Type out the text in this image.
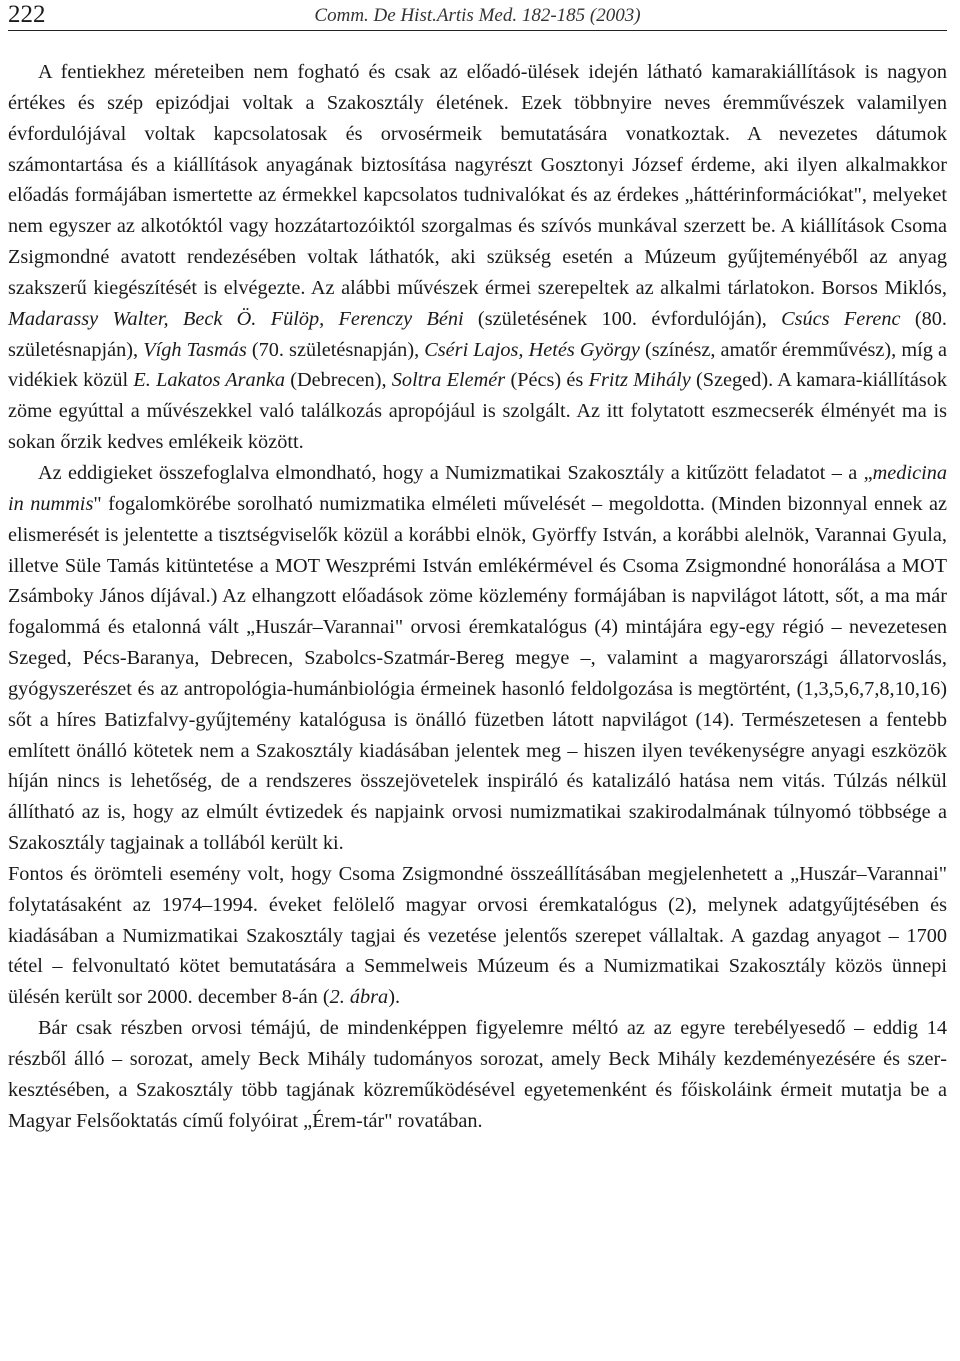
222	Comm. De Hist.Artis Med. 182-185 (2003)

A fentiekhez méreteiben nem fogható és csak az előadó-ülések idején látható kamarakiállítások is nagyon értékes és szép epizódjai voltak a Szakosztály életének. Ezek többnyire neves éremművészek valamilyen évfordulójával voltak kapcsolatosak és orvosérmeik bemutatására vonatkoztak. A nevezetes dátumok számontartása és a kiállítások anyagának biztosítása nagyrészt Gosztonyi József érdeme, aki ilyen alkalmakkor előadás formájában ismertette az érmekkel kapcsolatos tudnivalókat és az érdekes „háttérinformációkat", melyeket nem egyszer az alkotóktól vagy hozzátartozóiktól szorgalmas és szívós munkával szerzett be. A kiállítások Csoma Zsigmondné avatott rendezésében voltak láthatók, aki szükség esetén a Múzeum gyűjteményéből az anyag szakszerű kiegészítését is elvégezte. Az alábbi művészek érmei szerepeltek az alkalmi tárlatokon. Borsos Miklós, Madarassy Walter, Beck Ö. Fülöp, Ferenczy Béni (születésének 100. évfordulóján), Csúcs Ferenc (80. születésnapján), Vígh Tasmás (70. születésnapján), Cséri Lajos, Hetés György (színész, amatőr éremművész), míg a vidékiek közül E. Lakatos Aranka (Debrecen), Soltra Elemér (Pécs) és Fritz Mihály (Szeged). A kamara-kiállítások zöme egyúttal a művészekkel való találkozás apropójául is szolgált. Az itt folytatott eszmecserék élményét ma is sokan őrzik kedves emlékeik között.

Az eddigieket összefoglalva elmondható, hogy a Numizmatikai Szakosztály a kitűzött feladatot – a „medicina in nummis" fogalomkörébe sorolható numizmatika elméleti művelését – megoldotta. (Minden bizonnyal ennek az elismerését is jelentette a tisztségviselők közül a korábbi elnök, Györffy István, a korábbi alelnök, Varannai Gyula, illetve Süle Tamás kitüntetése a MOT Weszprémi István emlékérmével és Csoma Zsigmondné honorálása a MOT Zsámboky János díjával.) Az elhangzott előadások zöme közlemény formájában is napvilágot látott, sőt, a ma már fogalommá és etalonná vált „Huszár–Varannai" orvosi éremkatalógus (4) mintájára egy-egy régió – nevezetesen Szeged, Pécs-Baranya, Debrecen, Szabolcs-Szatmár-Bereg megye –, valamint a magyarországi állatorvoslás, gyógyszerészet és az antropológia-humánbiológia érmeinek hasonló feldolgozása is megtörtént, (1,3,5,6,7,8,10,16) sőt a híres Batizfalvy-gyűjtemény katalógusa is önálló füzetben látott napvilágot (14). Természetesen a fentebb említett önálló kötetek nem a Szakosztály kiadásában jelentek meg – hiszen ilyen tevékenységre anyagi eszközök híján nincs is lehetőség, de a rendszeres összejövetelek inspiráló és katalizáló hatása nem vitás. Túlzás nélkül állítható az is, hogy az elmúlt évtizedek és napjaink orvosi numizmatikai szakirodalmának túlnyomó többsége a Szakosztály tagjainak a tollából került ki.

Fontos és örömteli esemény volt, hogy Csoma Zsigmondné összeállításában megjelenhetett a „Huszár–Varannai" folytatásaként az 1974–1994. éveket felölelő magyar orvosi éremkatalógus (2), melynek adatgyűjtésében és kiadásában a Numizmatikai Szakosztály tagjai és vezetése jelentős szerepet vállaltak. A gazdag anyagot – 1700 tétel – felvonultató kötet bemutatására a Semmelweis Múzeum és a Numizmatikai Szakosztály közös ünnepi ülésén került sor 2000. december 8-án (2. ábra).

Bár csak részben orvosi témájú, de mindenképpen figyelemre méltó az az egyre terebélyesedő – eddig 14 részből álló – sorozat, amely Beck Mihály tudományos sorozat, amely Beck Mihály kezdeményezésére és szerkesztésében, a Szakosztály több tagjának közreműködésével egyetemenként és főiskoláink érmeit mutatja be a Magyar Felsőoktatás című folyóirat „Érem-tár" rovatában.
